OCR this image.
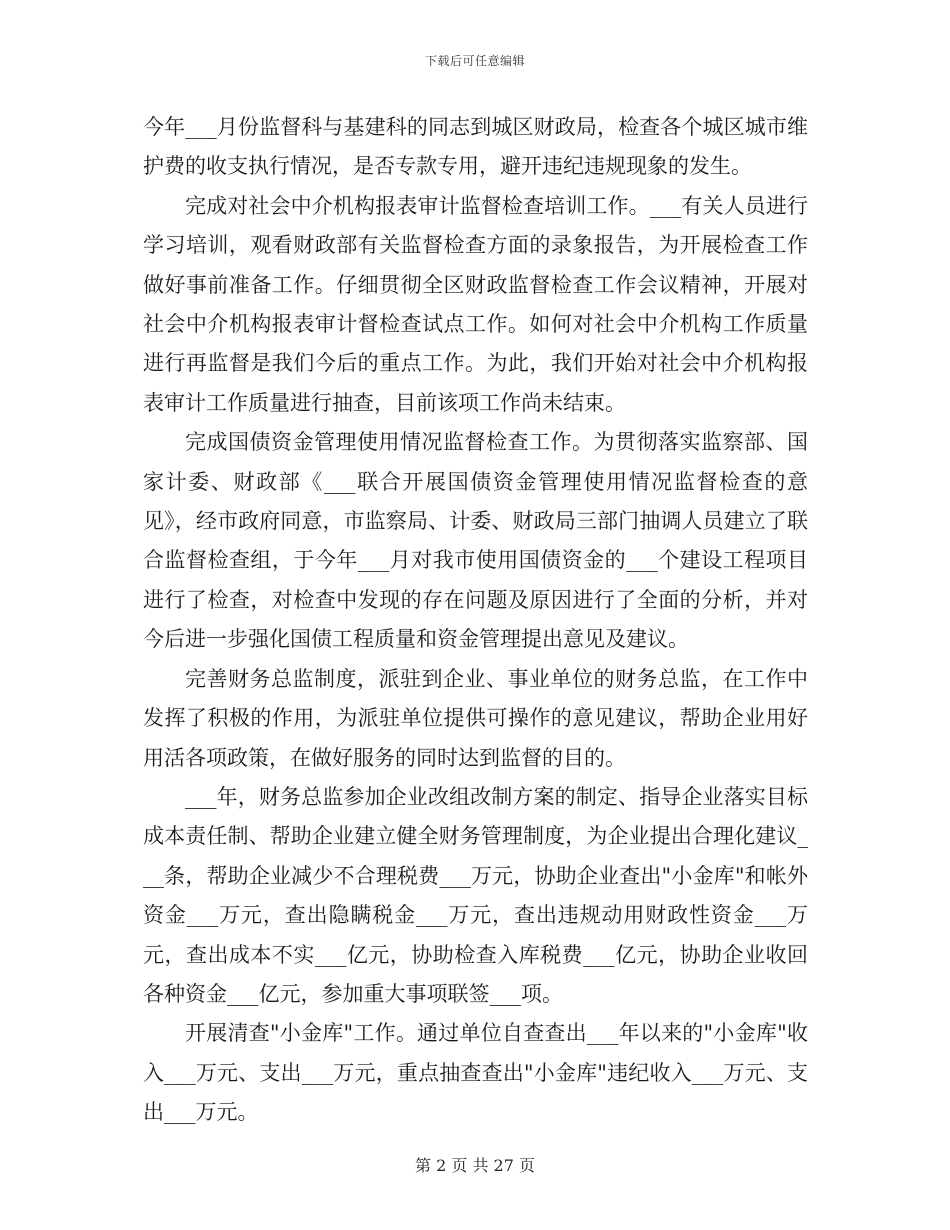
下载后可任意编辑

今年___月份监督科与基建科的同志到城区财政局，检查各个城区城市维护费的收支执行情况，是否专款专用，避开违纪违规现象的发生。

完成对社会中介机构报表审计监督检查培训工作。___有关人员进行学习培训，观看财政部有关监督检查方面的录象报告，为开展检查工作做好事前准备工作。仔细贯彻全区财政监督检查工作会议精神，开展对社会中介机构报表审计督检查试点工作。如何对社会中介机构工作质量进行再监督是我们今后的重点工作。为此，我们开始对社会中介机构报表审计工作质量进行抽查，目前该项工作尚未结束。

完成国债资金管理使用情况监督检查工作。为贯彻落实监察部、国家计委、财政部《___联合开展国债资金管理使用情况监督检查的意见》，经市政府同意，市监察局、计委、财政局三部门抽调人员建立了联合监督检查组，于今年___月对我市使用国债资金的___个建设工程项目进行了检查，对检查中发现的存在问题及原因进行了全面的分析，并对今后进一步强化国债工程质量和资金管理提出意见及建议。

完善财务总监制度，派驻到企业、事业单位的财务总监，在工作中发挥了积极的作用，为派驻单位提供可操作的意见建议，帮助企业用好用活各项政策，在做好服务的同时达到监督的目的。

___年，财务总监参加企业改组改制方案的制定、指导企业落实目标成本责任制、帮助企业建立健全财务管理制度，为企业提出合理化建议___条，帮助企业减少不合理税费___万元，协助企业查出"小金库"和帐外资金___万元，查出隐瞒税金___万元，查出违规动用财政性资金___万元，查出成本不实___亿元，协助检查入库税费___亿元，协助企业收回各种资金___亿元，参加重大事项联签___项。

开展清查"小金库"工作。通过单位自查查出___年以来的"小金库"收入___万元、支出___万元，重点抽查查出"小金库"违纪收入___万元、支出___万元。

第 2 页 共 27 页
